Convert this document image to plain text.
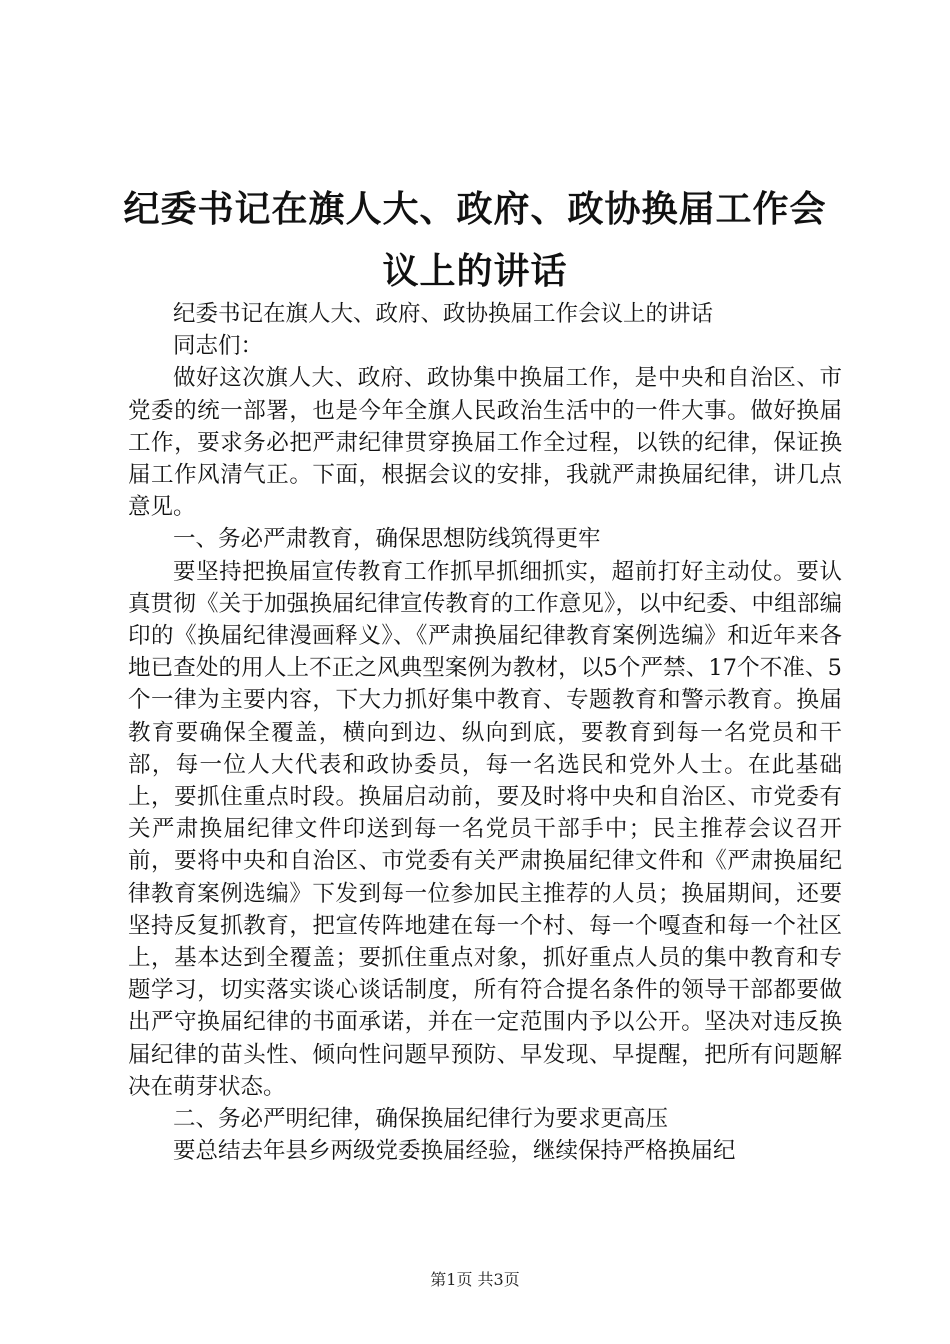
纪委书记在旗人大、政府、政协换届工作会议上的讲话

纪委书记在旗人大、政府、政协换届工作会议上的讲话

同志们：

做好这次旗人大、政府、政协集中换届工作，是中央和自治区、市党委的统一部署，也是今年全旗人民政治生活中的一件大事。做好换届工作，要求务必把严肃纪律贯穿换届工作全过程，以铁的纪律，保证换届工作风清气正。下面，根据会议的安排，我就严肃换届纪律，讲几点意见。

一、务必严肃教育，确保思想防线筑得更牢

要坚持把换届宣传教育工作抓早抓细抓实，超前打好主动仗。要认真贯彻《关于加强换届纪律宣传教育的工作意见》，以中纪委、中组部编印的《换届纪律漫画释义》、《严肃换届纪律教育案例选编》和近年来各地已查处的用人上不正之风典型案例为教材，以5个严禁、17个不准、5个一律为主要内容，下大力抓好集中教育、专题教育和警示教育。换届教育要确保全覆盖，横向到边、纵向到底，要教育到每一名党员和干部，每一位人大代表和政协委员，每一名选民和党外人士。在此基础上，要抓住重点时段。换届启动前，要及时将中央和自治区、市党委有关严肃换届纪律文件印送到每一名党员干部手中；民主推荐会议召开前，要将中央和自治区、市党委有关严肃换届纪律文件和《严肃换届纪律教育案例选编》下发到每一位参加民主推荐的人员；换届期间，还要坚持反复抓教育，把宣传阵地建在每一个村、每一个嘎查和每一个社区上，基本达到全覆盖；要抓住重点对象，抓好重点人员的集中教育和专题学习，切实落实谈心谈话制度，所有符合提名条件的领导干部都要做出严守换届纪律的书面承诺，并在一定范围内予以公开。坚决对违反换届纪律的苗头性、倾向性问题早预防、早发现、早提醒，把所有问题解决在萌芽状态。

二、务必严明纪律，确保换届纪律行为要求更高压

要总结去年县乡两级党委换届经验，继续保持严格换届纪

第1页 共3页
